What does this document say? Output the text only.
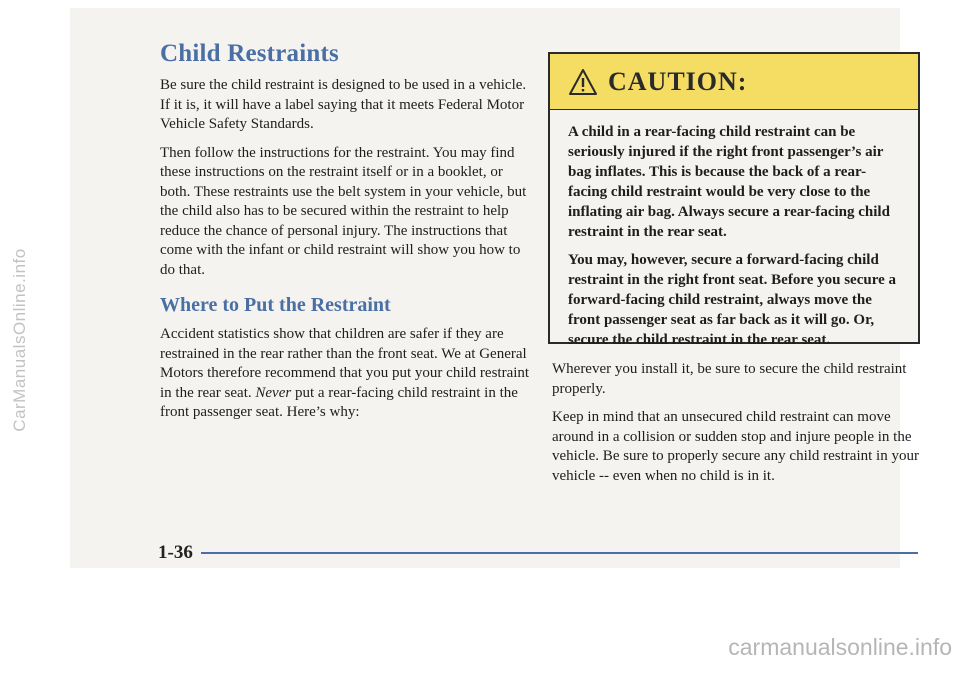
Child Restraints

Be sure the child restraint is designed to be used in a vehicle. If it is, it will have a label saying that it meets Federal Motor Vehicle Safety Standards.

Then follow the instructions for the restraint. You may find these instructions on the restraint itself or in a booklet, or both. These restraints use the belt system in your vehicle, but the child also has to be secured within the restraint to help reduce the chance of personal injury. The instructions that come with the infant or child restraint will show you how to do that.

Where to Put the Restraint

Accident statistics show that children are safer if they are restrained in the rear rather than the front seat. We at General Motors therefore recommend that you put your child restraint in the rear seat. Never put a rear-facing child restraint in the front passenger seat. Here’s why:

CAUTION:

A child in a rear-facing child restraint can be seriously injured if the right front passenger’s air bag inflates. This is because the back of a rear-facing child restraint would be very close to the inflating air bag. Always secure a rear-facing child restraint in the rear seat.

You may, however, secure a forward-facing child restraint in the right front seat. Before you secure a forward-facing child restraint, always move the front passenger seat as far back as it will go. Or, secure the child restraint in the rear seat.

Wherever you install it, be sure to secure the child restraint properly.

Keep in mind that an unsecured child restraint can move around in a collision or sudden stop and injure people in the vehicle. Be sure to properly secure any child restraint in your vehicle -- even when no child is in it.

1-36
CarManualsOnline.info
carmanualsonline.info
